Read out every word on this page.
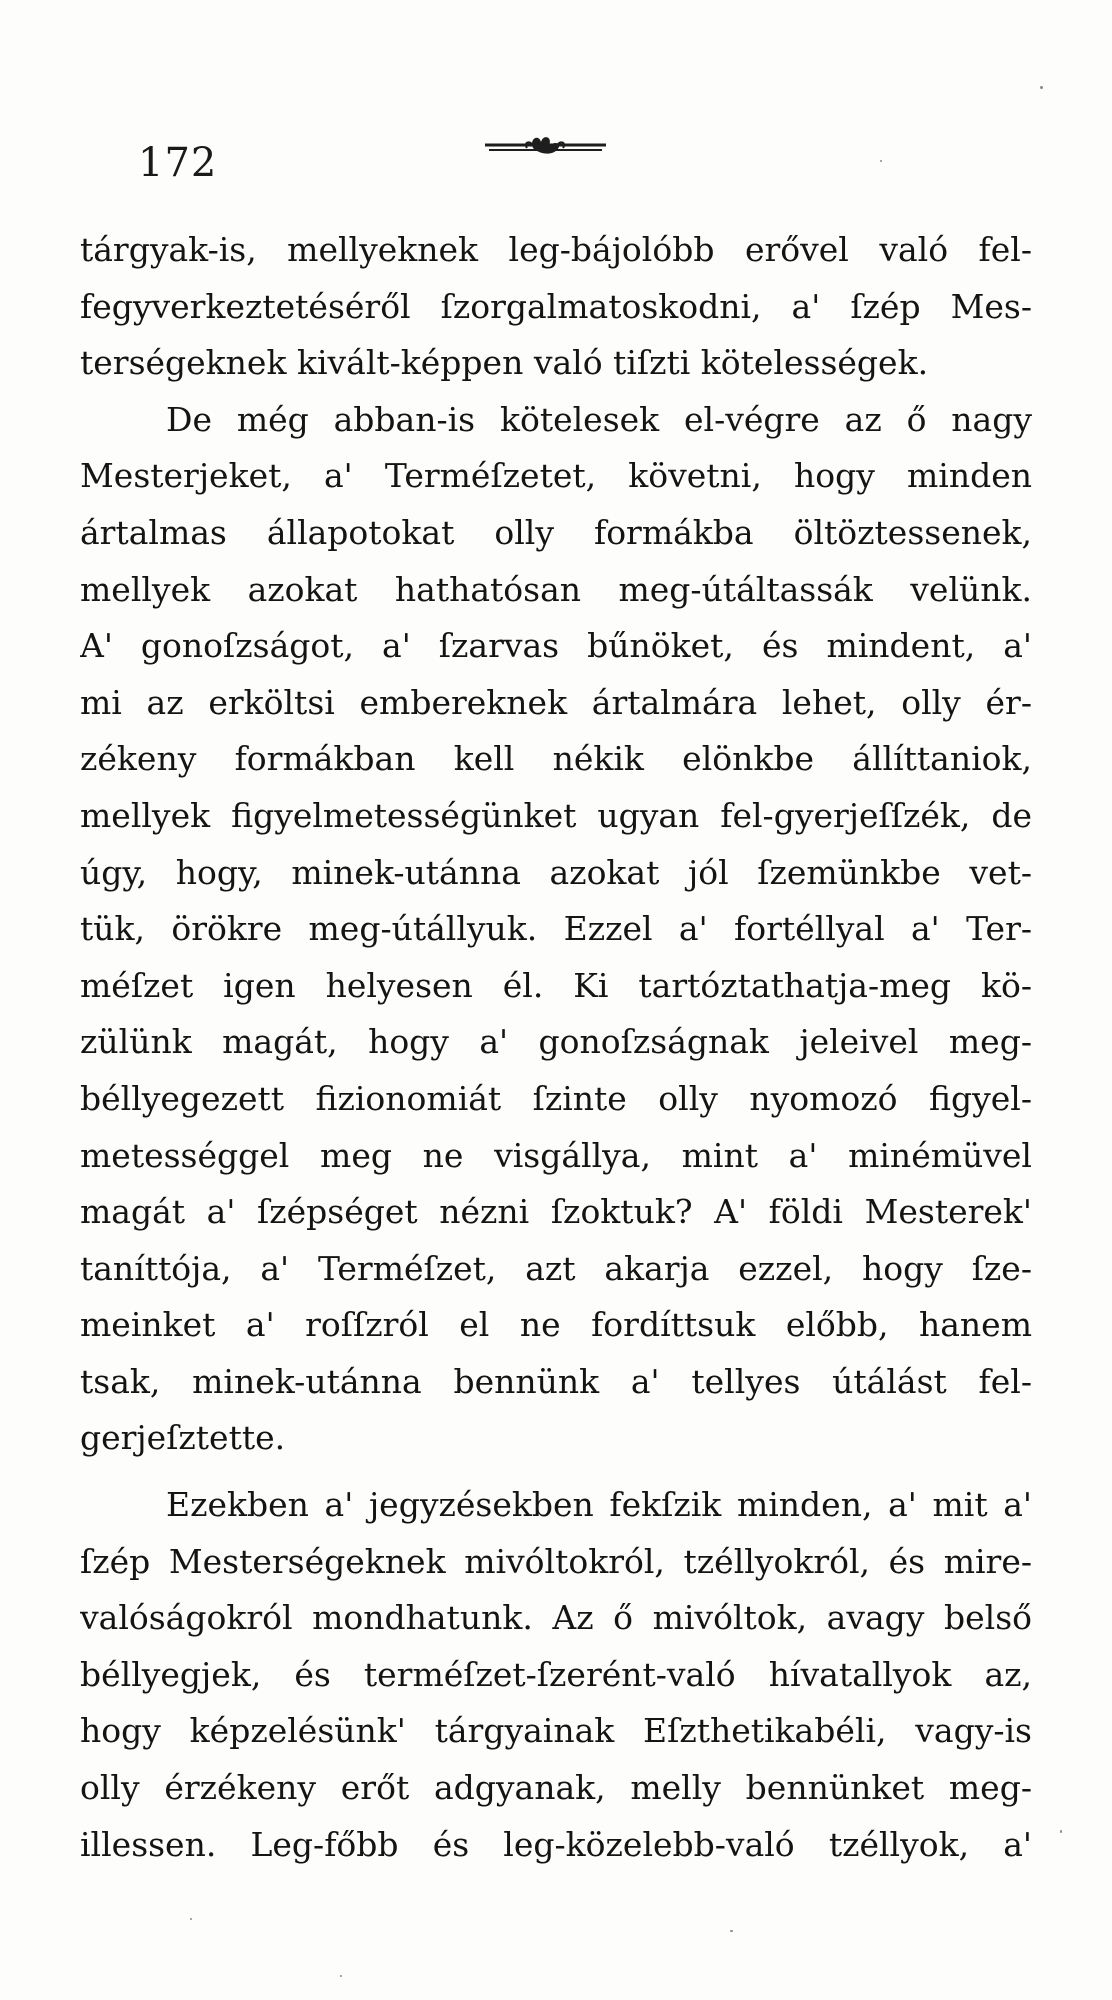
172
tárgyak-is, mellyeknek leg-bájolóbb erővel való fel-
fegyverkeztetéséről ſzorgalmatoskodni, a' ſzép Mes-
terségeknek kivált-képpen való tiſzti kötelességek.
De még abban-is kötelesek el-végre az ő nagy
Mesterjeket, a' Terméſzetet, követni, hogy minden
ártalmas állapotokat olly formákba öltöztessenek,
mellyek azokat hathatósan meg-útáltassák velünk.
A' gonoſzságot, a' ſzarvas bűnöket, és mindent, a'
mi az erköltsi embereknek ártalmára lehet, olly ér-
zékeny formákban kell nékik elönkbe állíttaniok,
mellyek figyelmetességünket ugyan fel-gyerjeſſzék, de
úgy, hogy, minek-utánna azokat jól ſzemünkbe vet-
tük, örökre meg-útállyuk. Ezzel a' fortéllyal a' Ter-
méſzet igen helyesen él. Ki tartóztathatja-meg kö-
zülünk magát, hogy a' gonoſzságnak jeleivel meg-
béllyegezett fizionomiát ſzinte olly nyomozó figyel-
metességgel meg ne visgállya, mint a' minémüvel
magát a' ſzépséget nézni ſzoktuk? A' földi Mesterek'
taníttója, a' Terméſzet, azt akarja ezzel, hogy ſze-
meinket a' roſſzról el ne fordíttsuk előbb, hanem
tsak, minek-utánna bennünk a' tellyes útálást fel-
gerjeſztette.
Ezekben a' jegyzésekben fekſzik minden, a' mit a'
ſzép Mesterségeknek mivóltokról, tzéllyokról, és mire-
valóságokról mondhatunk. Az ő mivóltok, avagy belső
béllyegjek, és terméſzet-ſzerént-való hívatallyok az,
hogy képzelésünk' tárgyainak Eſzthetikabéli, vagy-is
olly érzékeny erőt adgyanak, melly bennünket meg-
illessen. Leg-főbb és leg-közelebb-való tzéllyok, a'
